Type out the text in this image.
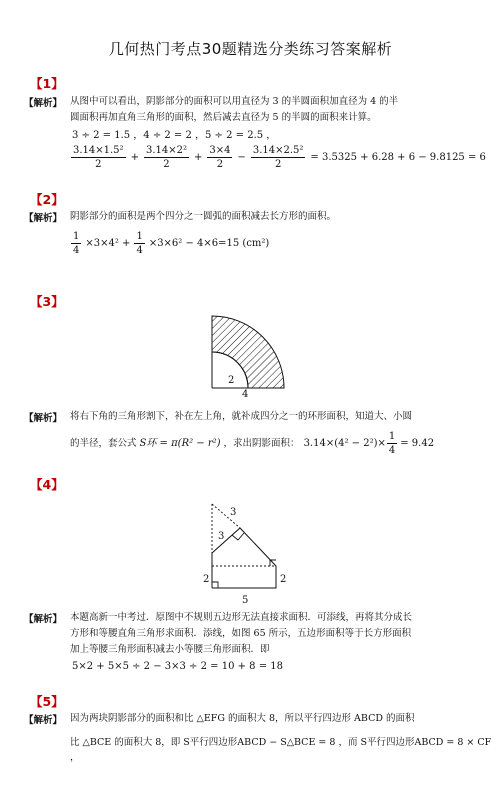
几何热门考点30题精选分类练习答案解析
【1】
【解析】 从图中可以看出，阴影部分的面积可以用直径为 3 的半圆面积加直径为 4 的半
圆面积再加直角三角形的面积，然后减去直径为 5 的半圆的面积来计算。
3 ÷ 2 = 1.5 ，4 ÷ 2 = 2 ，5 ÷ 2 = 2.5 ，
$\frac{\text{3.14×1.5²}}{2} + \frac{\text{3.14×2²}}{2} + \frac{3\times 4}{2} - \frac{\text{3.14×2.5²}}{2} = 3.5325 + 6.28 + 6 - 9.8125 = 6$
【2】
【解析】 阴影部分的面积是两个四分之一圆弧的面积减去长方形的面积。
$\frac{1}{4} \times 3\times 4^2 + \frac{1}{4} \times 3\times 6^2 - 4\times 6=15$ (cm²)
【3】
2
4
【解析】 将右下角的三角形割下，补在左上角，就补成四分之一的环形面积，知道大、小圆
的半径，套公式 S环 = π(R² − r²) ，求出阴影面积： $3.14\times(4^2 - 2^2)\times \frac{1}{4} = 9.42$
【4】
3
3
2	2
5
【解析】 本题高新一中考过．原图中不规则五边形无法直接求面积．可添线，再将其分成长
方形和等腰直角三角形求面积．添线，如图 65 所示，五边形面积等于长方形面积
加上等腰三角形面积减去小等腰三角形面积．即
5×2 + 5×5 ÷ 2 − 3×3 ÷ 2 = 10 + 8 = 18
【5】
【解析】 因为两块阴影部分的面积和比 △EFG 的面积大 8，所以平行四边形 ABCD 的面积
比 △BCE 的面积大 8，即 S平行四边形ABCD − S△BCE = 8 ，而 S平行四边形ABCD = 8 × CF ，
